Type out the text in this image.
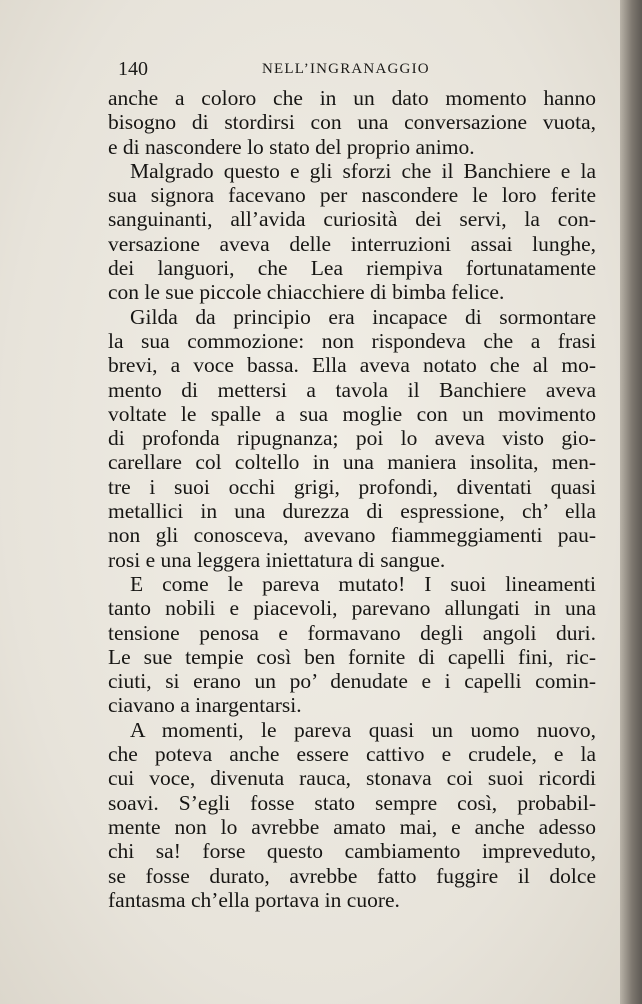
140	NELL’INGRANAGGIO
anche a coloro che in un dato momento hanno
bisogno di stordirsi con una conversazione vuota,
e di nascondere lo stato del proprio animo.
Malgrado questo e gli sforzi che il Banchiere e la
sua signora facevano per nascondere le loro ferite
sanguinanti, all’avida curiosità dei servi, la con-
versazione aveva delle interruzioni assai lunghe,
dei languori, che Lea riempiva fortunatamente
con le sue piccole chiacchiere di bimba felice.
Gilda da principio era incapace di sormontare
la sua commozione: non rispondeva che a frasi
brevi, a voce bassa. Ella aveva notato che al mo-
mento di mettersi a tavola il Banchiere aveva
voltate le spalle a sua moglie con un movimento
di profonda ripugnanza; poi lo aveva visto gio-
carellare col coltello in una maniera insolita, men-
tre i suoi occhi grigi, profondi, diventati quasi
metallici in una durezza di espressione, ch’ ella
non gli conosceva, avevano fiammeggiamenti pau-
rosi e una leggera iniettatura di sangue.
E come le pareva mutato! I suoi lineamenti
tanto nobili e piacevoli, parevano allungati in una
tensione penosa e formavano degli angoli duri.
Le sue tempie così ben fornite di capelli fini, ric-
ciuti, si erano un po’ denudate e i capelli comin-
ciavano a inargentarsi.
A momenti, le pareva quasi un uomo nuovo,
che poteva anche essere cattivo e crudele, e la
cui voce, divenuta rauca, stonava coi suoi ricordi
soavi. S’egli fosse stato sempre così, probabil-
mente non lo avrebbe amato mai, e anche adesso
chi sa! forse questo cambiamento impreveduto,
se fosse durato, avrebbe fatto fuggire il dolce
fantasma ch’ella portava in cuore.
